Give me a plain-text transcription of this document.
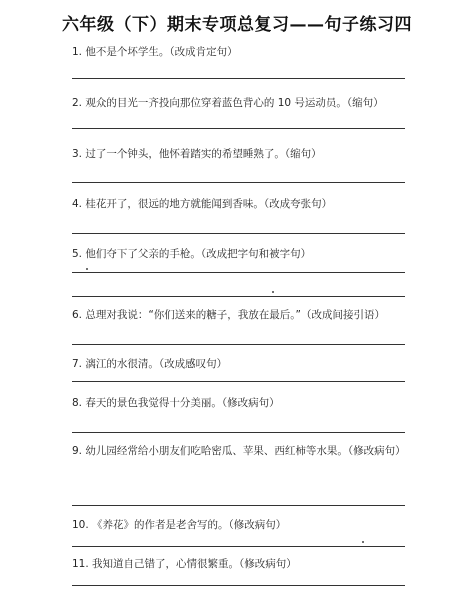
六年级（下）期末专项总复习——句子练习四
1. 他不是个坏学生。（改成肯定句）
2. 观众的目光一齐投向那位穿着蓝色背心的 10 号运动员。（缩句）
3. 过了一个钟头，他怀着踏实的希望睡熟了。（缩句）
4. 桂花开了，很远的地方就能闻到香味。（改成夸张句）
5. 他们夺下了父亲的手枪。（改成把字句和被字句）
6. 总理对我说：“你们送来的糖子，我放在最后。”（改成间接引语）
7. 漓江的水很清。（改成感叹句）
8. 春天的景色我觉得十分美丽。（修改病句）
9. 幼儿园经常给小朋友们吃哈密瓜、苹果、西红柿等水果。（修改病句）
10. 《养花》的作者是老舍写的。（修改病句）
11. 我知道自己错了，心情很繁重。（修改病句）
